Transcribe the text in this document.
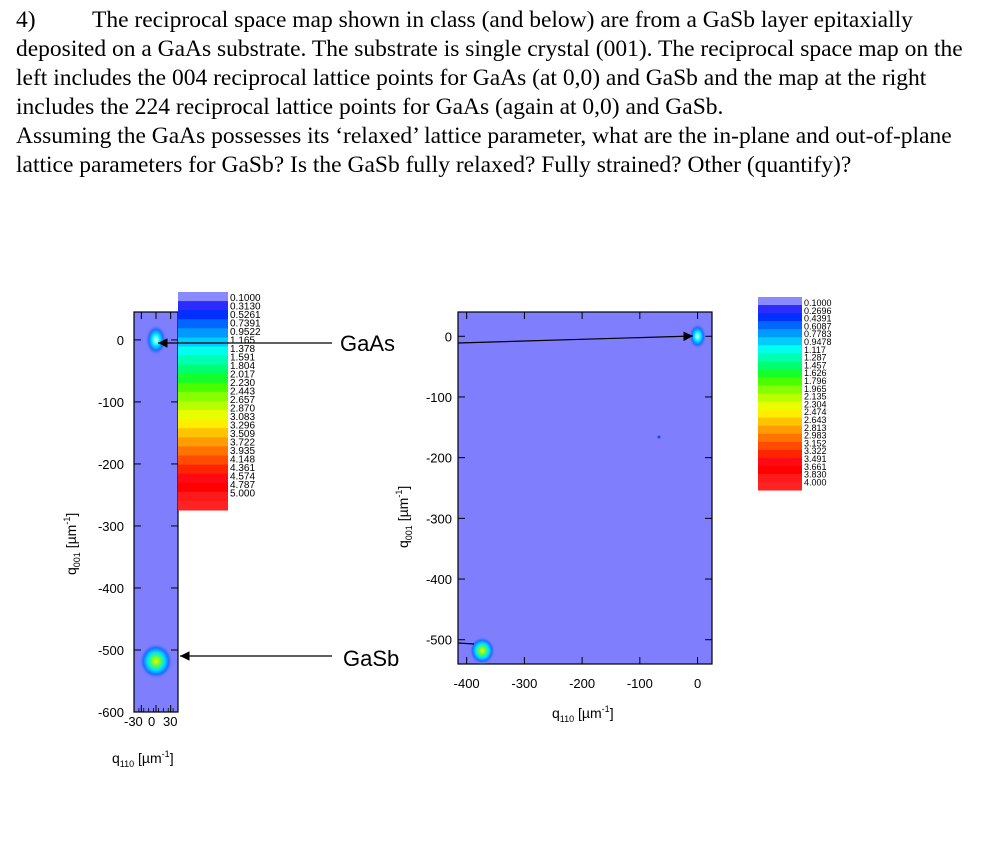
4) The reciprocal space map shown in class (and below) are from a GaSb layer epitaxially deposited on a GaAs substrate. The substrate is single crystal (001). The reciprocal space map on the left includes the 004 reciprocal lattice points for GaAs (at 0,0) and GaSb and the map at the right includes the 224 reciprocal lattice points for GaAs (again at 0,0) and GaSb.

Assuming the GaAs possesses its ‘relaxed’ lattice parameter, what are the in-plane and out-of-plane lattice parameters for GaSb? Is the GaSb fully relaxed? Fully strained? Other (quantify)?

0
-100
-200
-300
-400
-500
-600
-30 0 30
$q_{110}$ [µm$^{-1}$]
$q_{001}$ [µm$^{-1}$]
0.1000
0.3130
0.5261
0.7391
0.9522
1.165
1.378
1.591
1.804
2.017
2.230
2.443
2.657
2.870
3.083
3.296
3.509
3.722
3.935
4.148
4.361
4.574
4.787
5.000
GaAs
GaSb
0
-100
-200
-300
-400
-500
-400 -300 -200 -100	0
$q_{110}$ [µm$^{-1}$]
$q_{001}$ [µm$^{-1}$]
0.1000
0.2696
0.4391
0.6087
0.7783
0.9478
1.117
1.287
1.457
1.626
1.796
1.965
2.135
2.304
2.474
2.643
2.813
2.983
3.152
3.322
3.491
3.661
3.830
4.000
